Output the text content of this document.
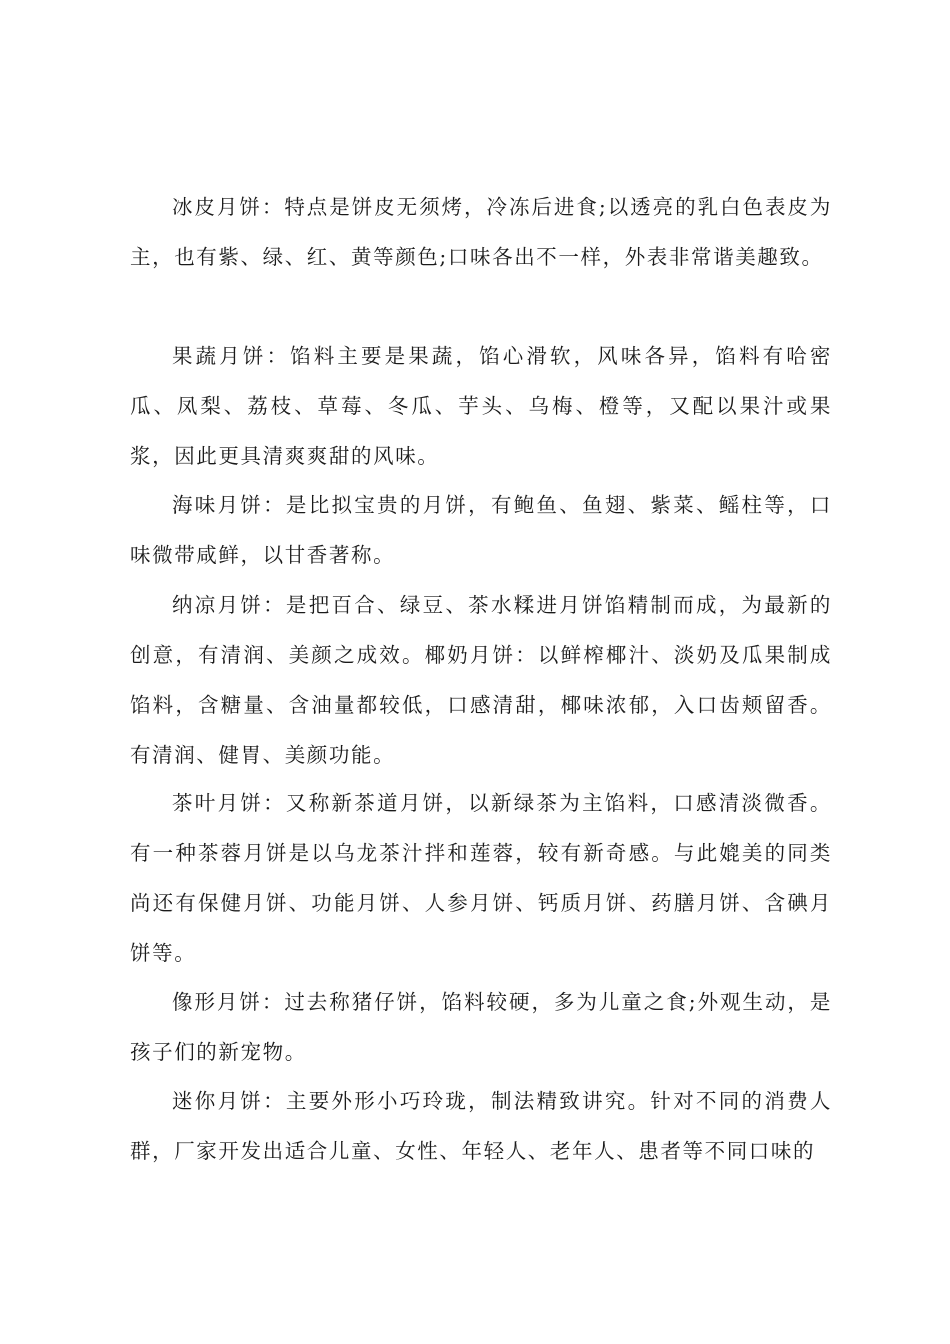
冰皮月饼：特点是饼皮无须烤，冷冻后进食;以透亮的乳白色表皮为主，也有紫、绿、红、黄等颜色;口味各出不一样，外表非常谐美趣致。

果蔬月饼：馅料主要是果蔬，馅心滑软，风味各异，馅料有哈密瓜、凤梨、荔枝、草莓、冬瓜、芋头、乌梅、橙等，又配以果汁或果浆，因此更具清爽爽甜的风味。

海味月饼：是比拟宝贵的月饼，有鲍鱼、鱼翅、紫菜、鳐柱等，口味微带咸鲜，以甘香著称。

纳凉月饼：是把百合、绿豆、茶水糅进月饼馅精制而成，为最新的创意，有清润、美颜之成效。椰奶月饼：以鲜榨椰汁、淡奶及瓜果制成馅料，含糖量、含油量都较低，口感清甜，椰味浓郁，入口齿颊留香。有清润、健胃、美颜功能。

茶叶月饼：又称新茶道月饼，以新绿茶为主馅料，口感清淡微香。有一种茶蓉月饼是以乌龙茶汁拌和莲蓉，较有新奇感。与此媲美的同类尚还有保健月饼、功能月饼、人参月饼、钙质月饼、药膳月饼、含碘月饼等。

像形月饼：过去称猪仔饼，馅料较硬，多为儿童之食;外观生动，是孩子们的新宠物。

迷你月饼：主要外形小巧玲珑，制法精致讲究。针对不同的消费人群，厂家开发出适合儿童、女性、年轻人、老年人、患者等不同口味的
